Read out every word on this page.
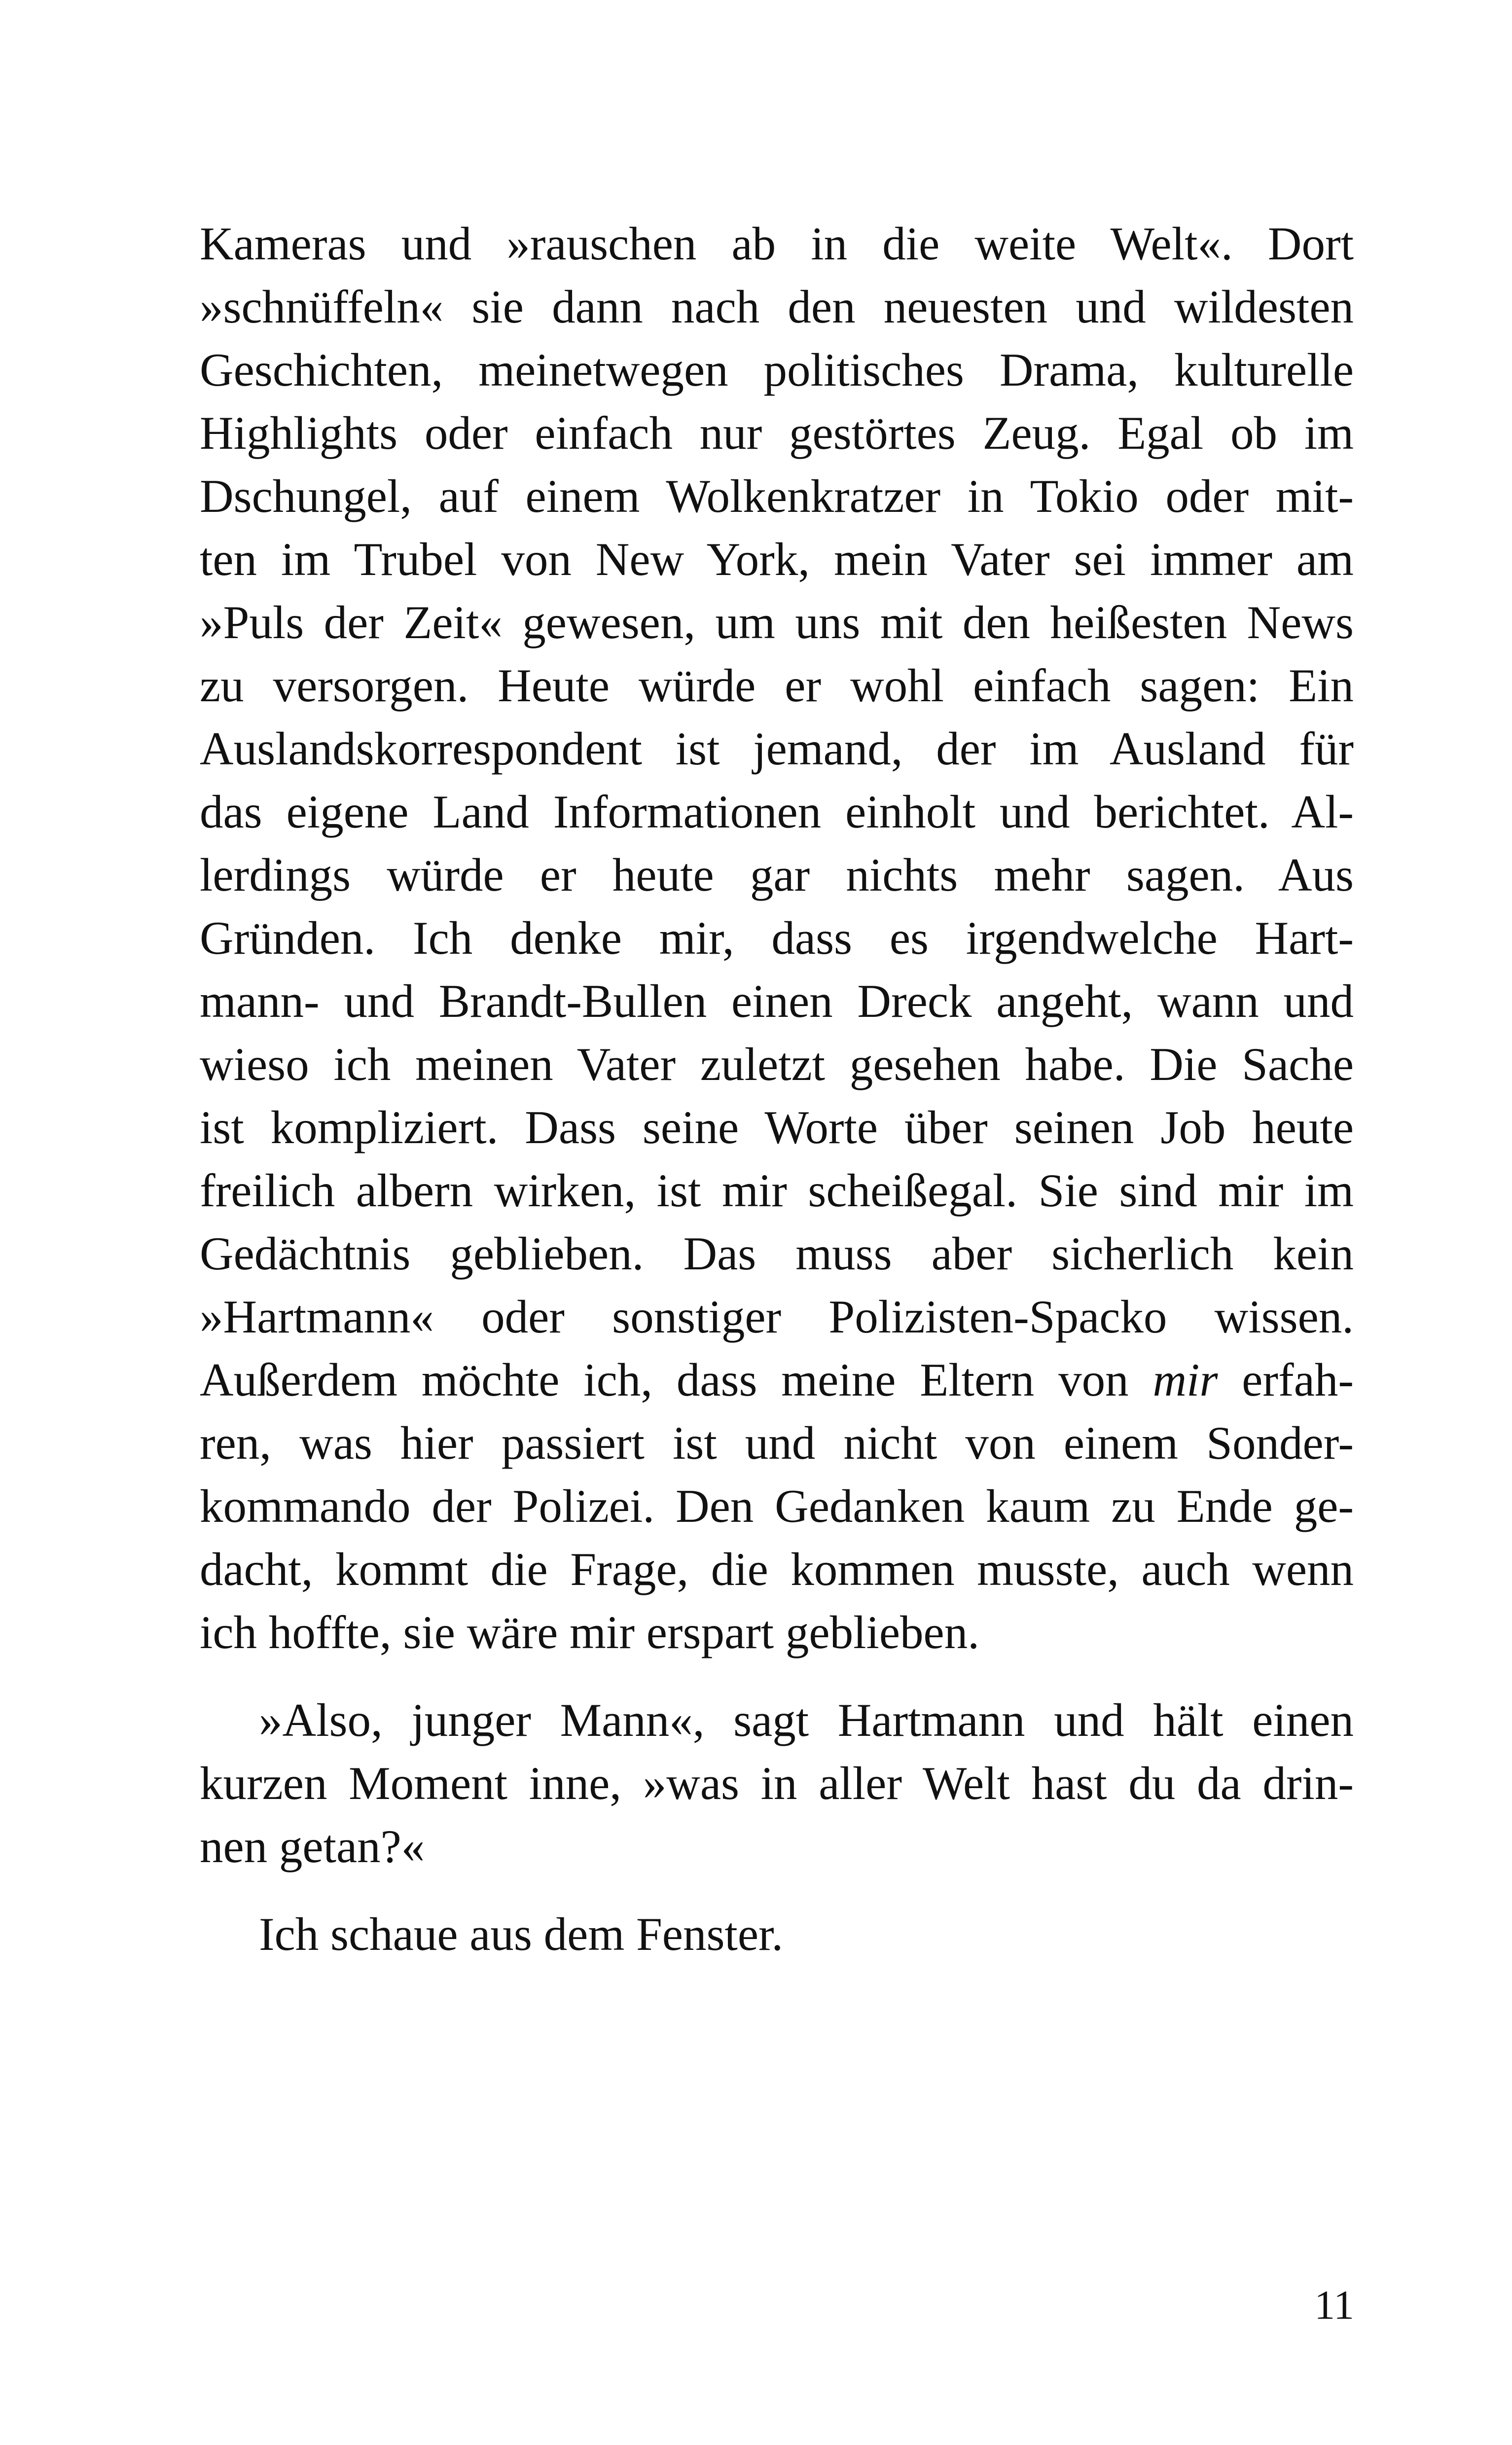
Kameras und »rauschen ab in die weite Welt«. Dort
»schnüffeln« sie dann nach den neuesten und wildesten
Geschichten, meinetwegen politisches Drama, kulturelle
Highlights oder einfach nur gestörtes Zeug. Egal ob im
Dschungel, auf einem Wolkenkratzer in Tokio oder mit-
ten im Trubel von New York, mein Vater sei immer am
»Puls der Zeit« gewesen, um uns mit den heißesten News
zu versorgen. Heute würde er wohl einfach sagen: Ein
Auslandskorrespondent ist jemand, der im Ausland für
das eigene Land Informationen einholt und berichtet. Al-
lerdings würde er heute gar nichts mehr sagen. Aus
Gründen. Ich denke mir, dass es irgendwelche Hart-
mann- und Brandt-Bullen einen Dreck angeht, wann und
wieso ich meinen Vater zuletzt gesehen habe. Die Sache
ist kompliziert. Dass seine Worte über seinen Job heute
freilich albern wirken, ist mir scheißegal. Sie sind mir im
Gedächtnis geblieben. Das muss aber sicherlich kein
»Hartmann« oder sonstiger Polizisten-Spacko wissen.
Außerdem möchte ich, dass meine Eltern von mir erfah-
ren, was hier passiert ist und nicht von einem Sonder-
kommando der Polizei. Den Gedanken kaum zu Ende ge-
dacht, kommt die Frage, die kommen musste, auch wenn
ich hoffte, sie wäre mir erspart geblieben.
»Also, junger Mann«, sagt Hartmann und hält einen
kurzen Moment inne, »was in aller Welt hast du da drin-
nen getan?«
Ich schaue aus dem Fenster.
11
